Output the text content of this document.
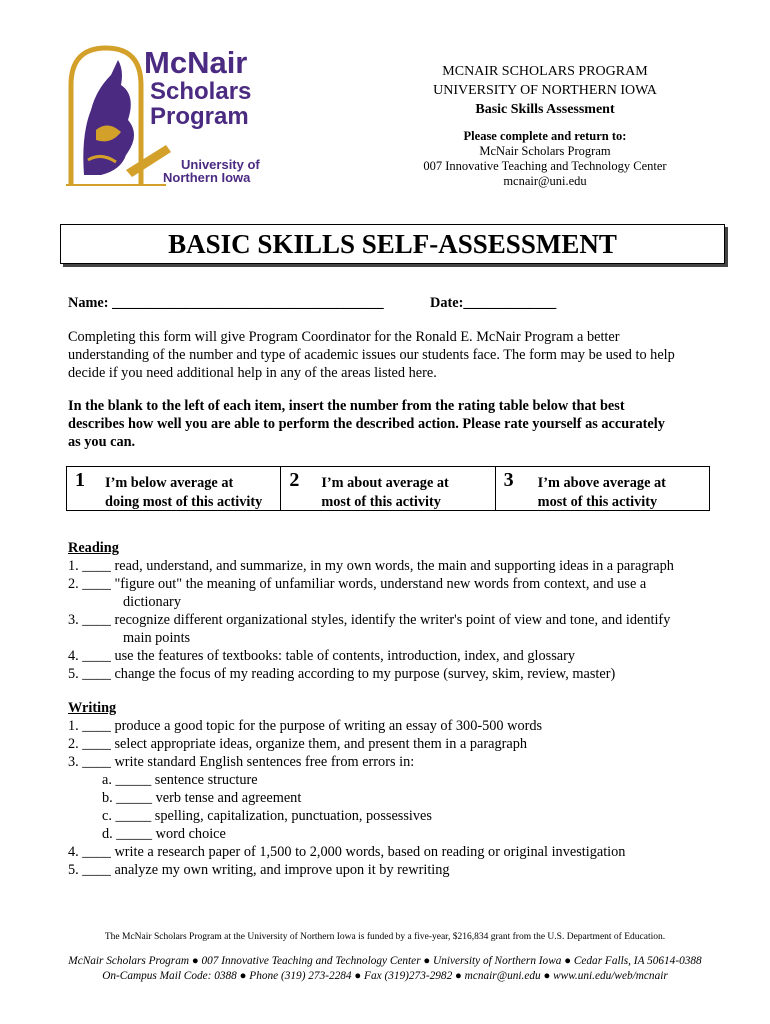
McNair
Scholars
Program
University of
Northern Iowa
MCNAIR SCHOLARS PROGRAM
UNIVERSITY OF NORTHERN IOWA
Basic Skills Assessment
Please complete and return to:
McNair Scholars Program
007 Innovative Teaching and Technology Center
mcnair@uni.edu
BASIC SKILLS SELF-ASSESSMENT
Name: ______________________________________	Date:_____________
Completing this form will give Program Coordinator for the Ronald E. McNair Program a better
understanding of the number and type of academic issues our students face. The form may be used to help
decide if you need additional help in any of the areas listed here.
In the blank to the left of each item, insert the number from the rating table below that best
describes how well you are able to perform the described action. Please rate yourself as accurately
as you can.
1 I’m below average at
doing most of this activity
2 I’m about average at
most of this activity
3 I’m above average at
most of this activity
Reading
1. ____ read, understand, and summarize, in my own words, the main and supporting ideas in a paragraph
2. ____ "figure out" the meaning of unfamiliar words, understand new words from context, and use a
dictionary
3. ____ recognize different organizational styles, identify the writer's point of view and tone, and identify
main points
4. ____ use the features of textbooks: table of contents, introduction, index, and glossary
5. ____ change the focus of my reading according to my purpose (survey, skim, review, master)
Writing
1. ____ produce a good topic for the purpose of writing an essay of 300-500 words
2. ____ select appropriate ideas, organize them, and present them in a paragraph
3. ____ write standard English sentences free from errors in:
a. _____ sentence structure
b. _____ verb tense and agreement
c. _____ spelling, capitalization, punctuation, possessives
d. _____ word choice
4. ____ write a research paper of 1,500 to 2,000 words, based on reading or original investigation
5. ____ analyze my own writing, and improve upon it by rewriting
The McNair Scholars Program at the University of Northern Iowa is funded by a five-year, $216,834 grant from the U.S. Department of Education.
McNair Scholars Program ● 007 Innovative Teaching and Technology Center ● University of Northern Iowa ● Cedar Falls, IA 50614-0388
On-Campus Mail Code: 0388 ● Phone (319) 273-2284 ● Fax (319)273-2982 ● mcnair@uni.edu ● www.uni.edu/web/mcnair
